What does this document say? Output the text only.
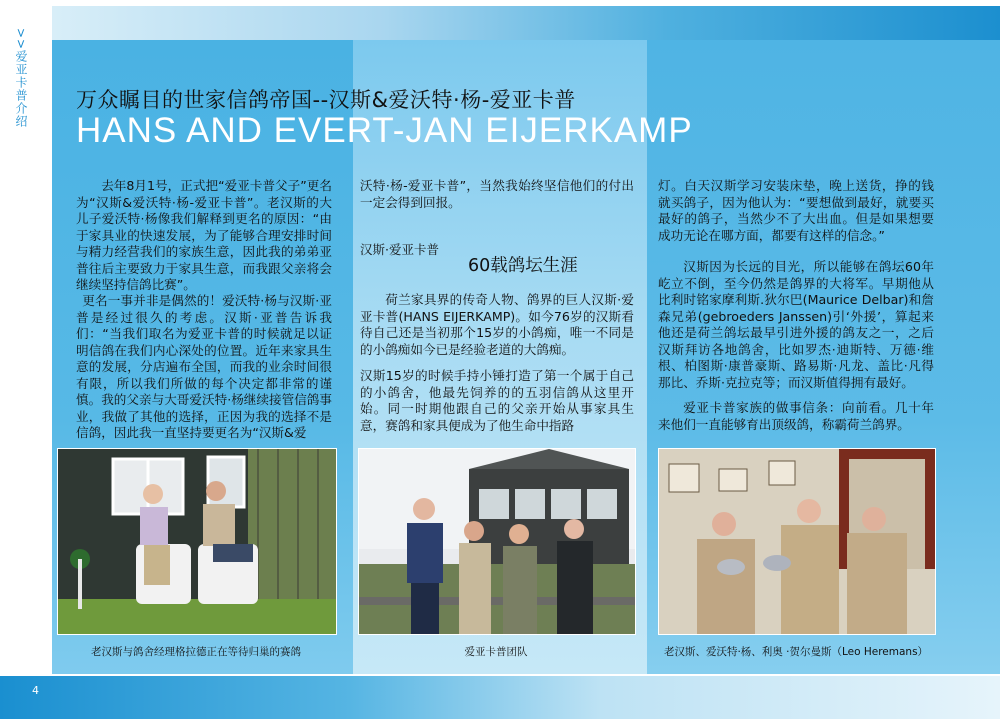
>>爱亚卡普介绍
4
万众瞩目的世家信鸽帝国--汉斯&爱沃特·杨-爱亚卡普
HANS AND EVERT-JAN EIJERKAMP

去年8月1号，正式把“爱亚卡普父子”更名为“汉斯&爱沃特·杨-爱亚卡普”。老汉斯的大儿子爱沃特·杨像我们解释到更名的原因：“由于家具业的快速发展，为了能够合理安排时间与精力经营我们的家族生意，因此我的弟弟亚普往后主要致力于家具生意，而我跟父亲将会继续坚持信鸽比赛”。

更名一事并非是偶然的！爱沃特·杨与汉斯·亚普是经过很久的考虑。汉斯·亚普告诉我们：“当我们取名为爱亚卡普的时候就足以证明信鸽在我们内心深处的位置。近年来家具生意的发展，分店遍布全国，而我的业余时间很有限，所以我们所做的每个决定都非常的谨慎。我的父亲与大哥爱沃特·杨继续接管信鸽事业，我做了其他的选择，正因为我的选择不是信鸽，因此我一直坚持要更名为“汉斯&爱

沃特·杨-爱亚卡普”，当然我始终坚信他们的付出一定会得到回报。

汉斯·爱亚卡普
60载鸽坛生涯

荷兰家具界的传奇人物、鸽界的巨人汉斯·爱亚卡普(HANS EIJERKAMP)。如今76岁的汉斯看待自己还是当初那个15岁的小鸽痴，唯一不同是的小鸽痴如今已是经验老道的大鸽痴。

汉斯15岁的时候手持小锤打造了第一个属于自己的小鸽舍，他最先饲养的的五羽信鸽从这里开始。同一时期他跟自己的父亲开始从事家具生意，赛鸽和家具便成为了他生命中指路

灯。白天汉斯学习安装床垫，晚上送货，挣的钱就买鸽子，因为他认为：“要想做到最好，就要买最好的鸽子，当然少不了大出血。但是如果想要成功无论在哪方面，都要有这样的信念。”

汉斯因为长远的目光，所以能够在鸽坛60年屹立不倒，至今仍然是鸽界的大将军。早期他从比利时铭家摩利斯.狄尔巴(Maurice Delbar)和詹森兄弟(gebroeders Janssen)引‘外援’，算起来他还是荷兰鸽坛最早引进外援的鸽友之一，之后汉斯拜访各地鸽舍，比如罗杰·迪斯特、万德·维根、柏图斯·康普豪斯、路易斯·凡龙、盖比·凡得那比、乔斯·克拉克等；而汉斯值得拥有最好。

爱亚卡普家族的做事信条：向前看。几十年来他们一直能够育出顶级鸽，称霸荷兰鸽界。

老汉斯与鸽舍经理格拉德正在等待归巢的赛鸽	爱亚卡普团队	老汉斯、爱沃特·杨、利奥 ·贺尔曼斯（Leo Heremans）
